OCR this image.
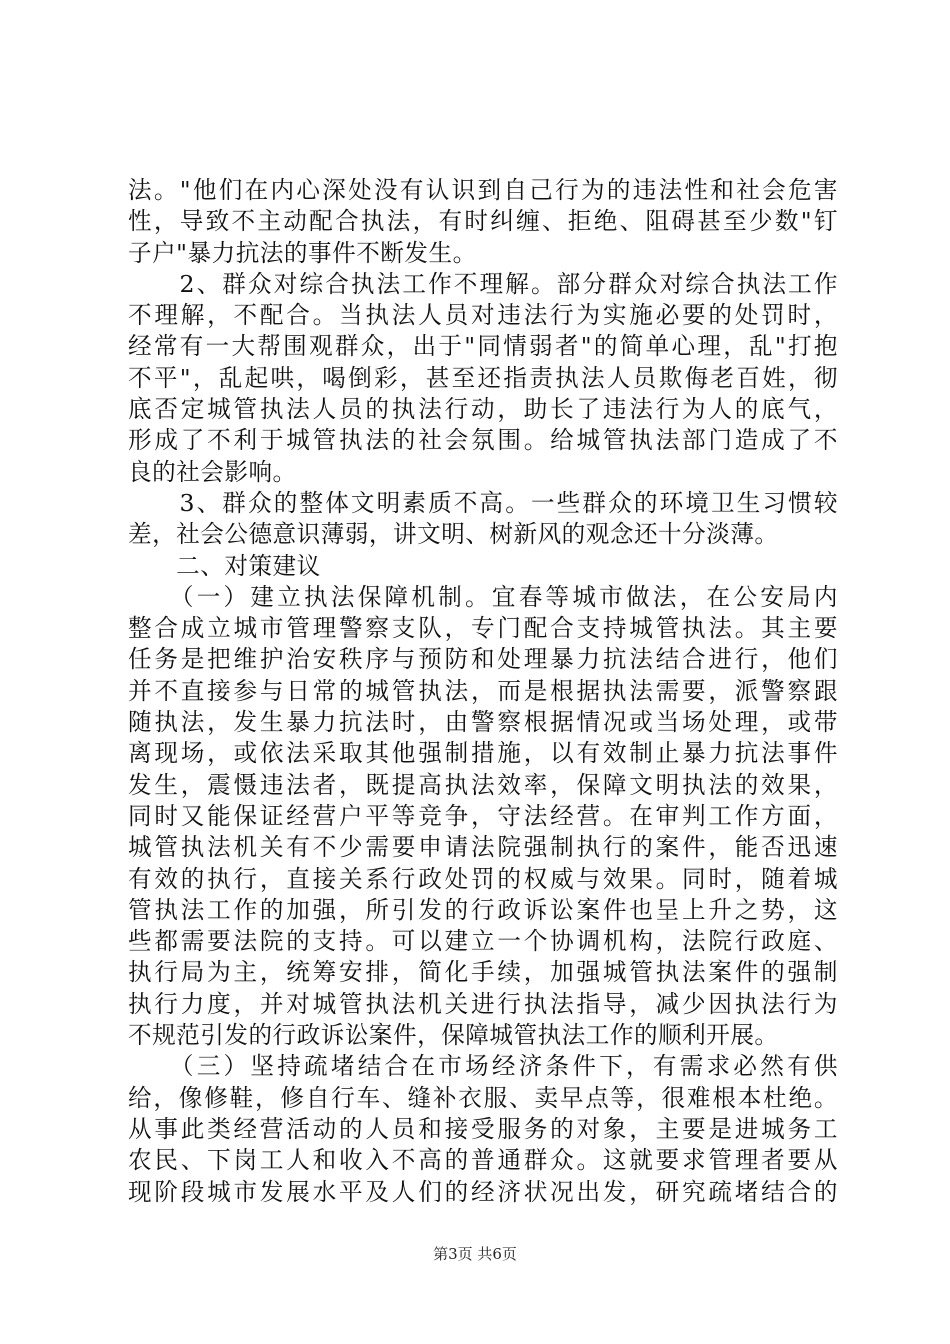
法。"他们在内心深处没有认识到自己行为的违法性和社会危害
性，导致不主动配合执法，有时纠缠、拒绝、阻碍甚至少数"钉
子户"暴力抗法的事件不断发生。
　　2、群众对综合执法工作不理解。部分群众对综合执法工作
不理解，不配合。当执法人员对违法行为实施必要的处罚时，
经常有一大帮围观群众，出于"同情弱者"的简单心理，乱"打抱
不平"，乱起哄，喝倒彩，甚至还指责执法人员欺侮老百姓，彻
底否定城管执法人员的执法行动，助长了违法行为人的底气，
形成了不利于城管执法的社会氛围。给城管执法部门造成了不
良的社会影响。
　　3、群众的整体文明素质不高。一些群众的环境卫生习惯较
差，社会公德意识薄弱，讲文明、树新风的观念还十分淡薄。
　　二、对策建议
　　（一）建立执法保障机制。宜春等城市做法，在公安局内
整合成立城市管理警察支队，专门配合支持城管执法。其主要
任务是把维护治安秩序与预防和处理暴力抗法结合进行，他们
并不直接参与日常的城管执法，而是根据执法需要，派警察跟
随执法，发生暴力抗法时，由警察根据情况或当场处理，或带
离现场，或依法采取其他强制措施，以有效制止暴力抗法事件
发生，震慑违法者，既提高执法效率，保障文明执法的效果，
同时又能保证经营户平等竞争，守法经营。在审判工作方面，
城管执法机关有不少需要申请法院强制执行的案件，能否迅速
有效的执行，直接关系行政处罚的权威与效果。同时，随着城
管执法工作的加强，所引发的行政诉讼案件也呈上升之势，这
些都需要法院的支持。可以建立一个协调机构，法院行政庭、
执行局为主，统筹安排，简化手续，加强城管执法案件的强制
执行力度，并对城管执法机关进行执法指导，减少因执法行为
不规范引发的行政诉讼案件，保障城管执法工作的顺利开展。
　　（三）坚持疏堵结合在市场经济条件下，有需求必然有供
给，像修鞋，修自行车、缝补衣服、卖早点等，很难根本杜绝。
从事此类经营活动的人员和接受服务的对象，主要是进城务工
农民、下岗工人和收入不高的普通群众。这就要求管理者要从
现阶段城市发展水平及人们的经济状况出发，研究疏堵结合的
第3页 共6页
